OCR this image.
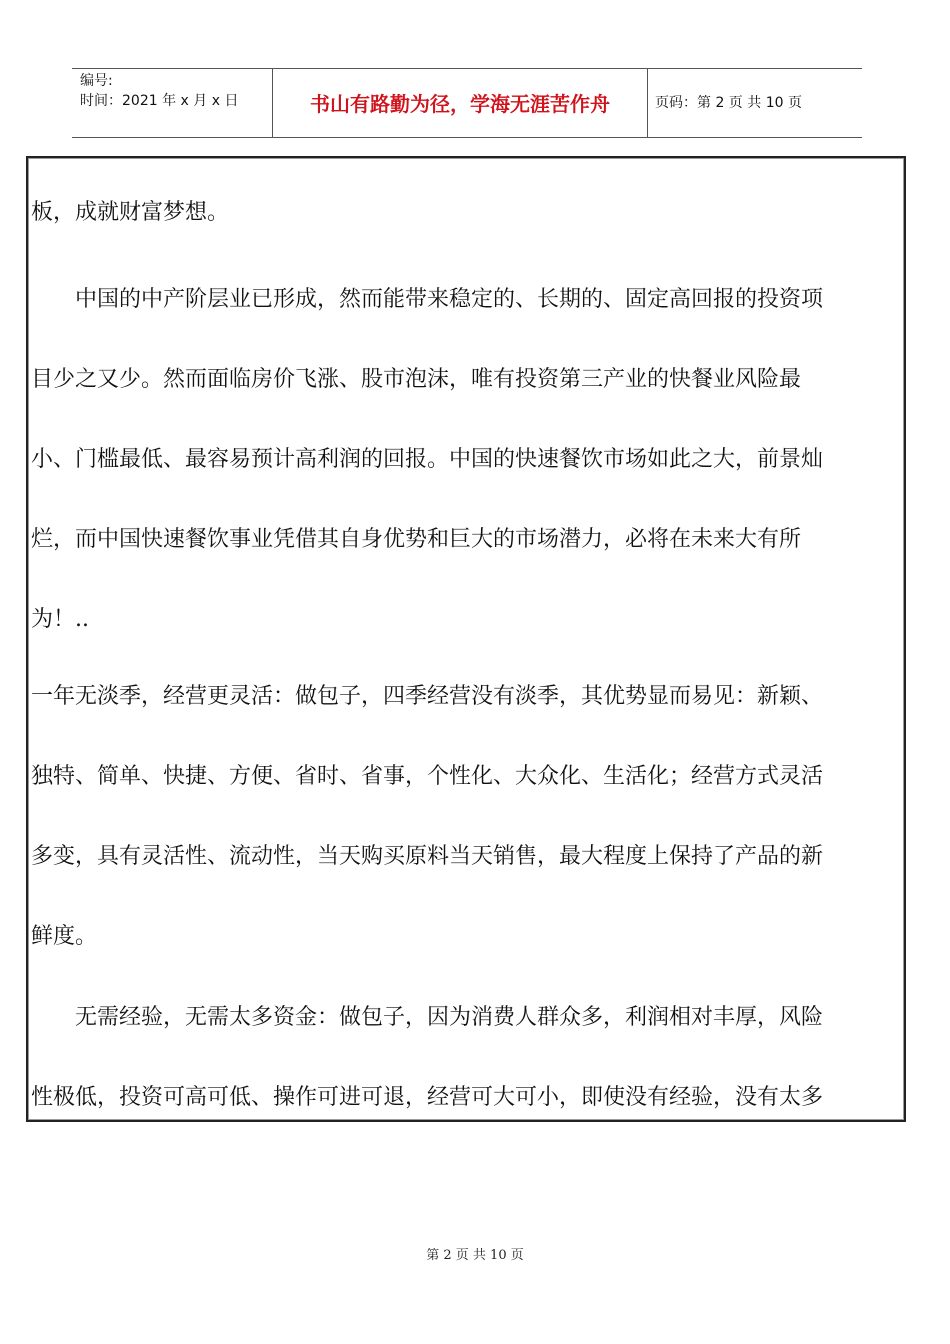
编号:
时间：2021 年 x 月 x 日	书山有路勤为径，学海无涯苦作舟	页码：第 2 页 共 10 页
板，成就财富梦想。
中国的中产阶层业已形成，然而能带来稳定的、长期的、固定高回报的投资项
目少之又少。然而面临房价飞涨、股市泡沫，唯有投资第三产业的快餐业风险最
小、门槛最低、最容易预计高利润的回报。中国的快速餐饮市场如此之大，前景灿
烂，而中国快速餐饮事业凭借其自身优势和巨大的市场潜力，必将在未来大有所
为！..
一年无淡季，经营更灵活：做包子，四季经营没有淡季，其优势显而易见：新颖、
独特、简单、快捷、方便、省时、省事，个性化、大众化、生活化；经营方式灵活
多变，具有灵活性、流动性，当天购买原料当天销售，最大程度上保持了产品的新
鲜度。
无需经验，无需太多资金：做包子，因为消费人群众多，利润相对丰厚，风险
性极低，投资可高可低、操作可进可退，经营可大可小，即使没有经验，没有太多
第 2 页 共 10 页
